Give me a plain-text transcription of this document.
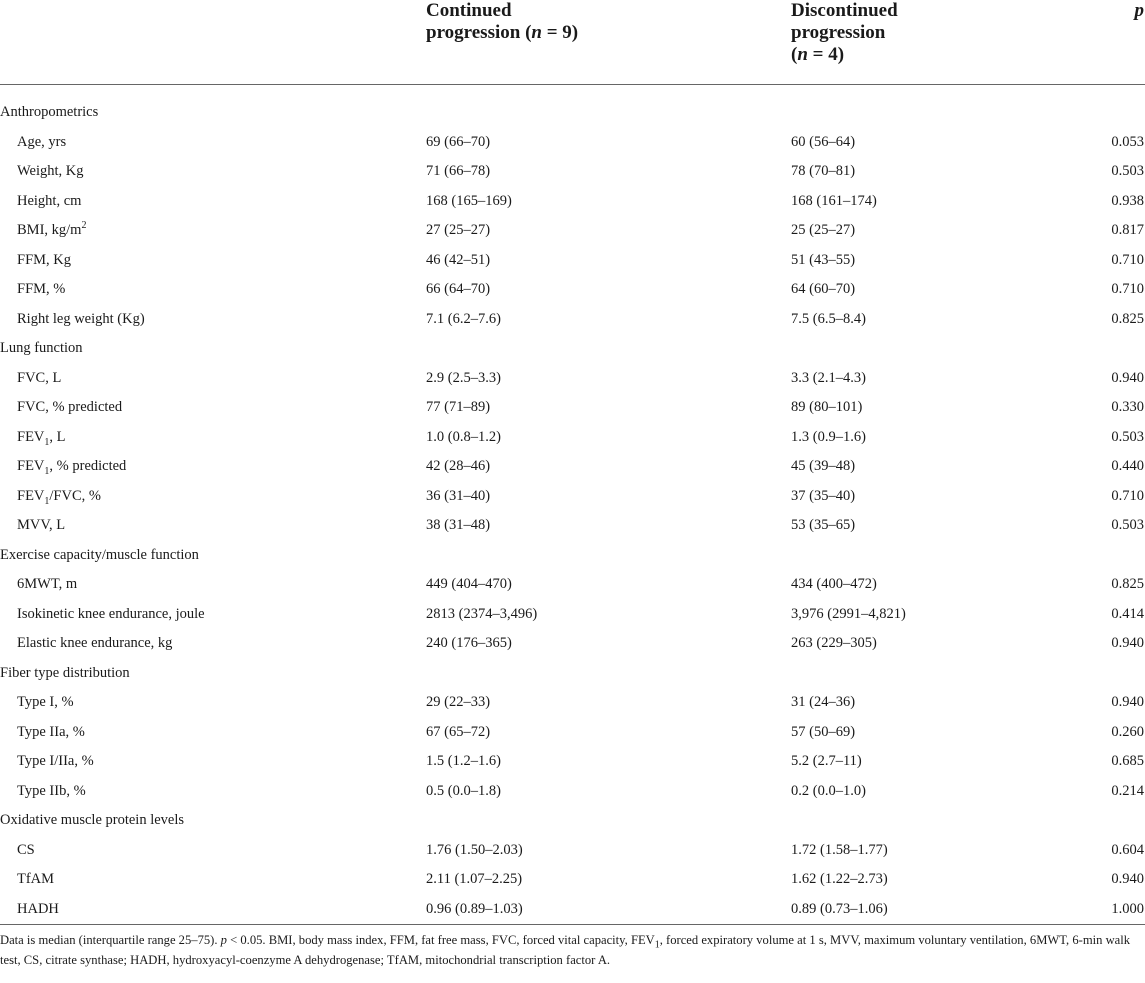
	Continued
progression (n = 9)	Discontinued
progression
(n = 4)	p

Anthropometrics			
Age, yrs	69 (66–70)	60 (56–64)	0.053
Weight, Kg	71 (66–78)	78 (70–81)	0.503
Height, cm	168 (165–169)	168 (161–174)	0.938
BMI, $kg/m^2$	27 (25–27)	25 (25–27)	0.817
FFM, Kg	46 (42–51)	51 (43–55)	0.710
FFM, %	66 (64–70)	64 (60–70)	0.710
Right leg weight (Kg)	7.1 (6.2–7.6)	7.5 (6.5–8.4)	0.825
Lung function			
FVC, L	2.9 (2.5–3.3)	3.3 (2.1–4.3)	0.940
FVC, % predicted	77 (71–89)	89 (80–101)	0.330
$FEV_1$, L	1.0 (0.8–1.2)	1.3 (0.9–1.6)	0.503
$FEV_1$, % predicted	42 (28–46)	45 (39–48)	0.440
$FEV_1$/FVC, %	36 (31–40)	37 (35–40)	0.710
MVV, L	38 (31–48)	53 (35–65)	0.503
Exercise capacity/muscle function			
6MWT, m	449 (404–470)	434 (400–472)	0.825
Isokinetic knee endurance, joule	2813 (2374–3,496)	3,976 (2991–4,821)	0.414
Elastic knee endurance, kg	240 (176–365)	263 (229–305)	0.940
Fiber type distribution			
Type I, %	29 (22–33)	31 (24–36)	0.940
Type IIa, %	67 (65–72)	57 (50–69)	0.260
Type I/IIa, %	1.5 (1.2–1.6)	5.2 (2.7–11)	0.685
Type IIb, %	0.5 (0.0–1.8)	0.2 (0.0–1.0)	0.214
Oxidative muscle protein levels			
CS	1.76 (1.50–2.03)	1.72 (1.58–1.77)	0.604
TfAM	2.11 (1.07–2.25)	1.62 (1.22–2.73)	0.940
HADH	0.96 (0.89–1.03)	0.89 (0.73–1.06)	1.000
Data is median (interquartile range 25–75). p < 0.05. BMI, body mass index, FFM, fat free mass, FVC, forced vital capacity, $FEV_1$, forced expiratory volume at 1 s, MVV, maximum voluntary ventilation, 6MWT, 6-min walk test, CS, citrate synthase; HADH, hydroxyacyl-coenzyme A dehydrogenase; TfAM, mitochondrial transcription factor A.
